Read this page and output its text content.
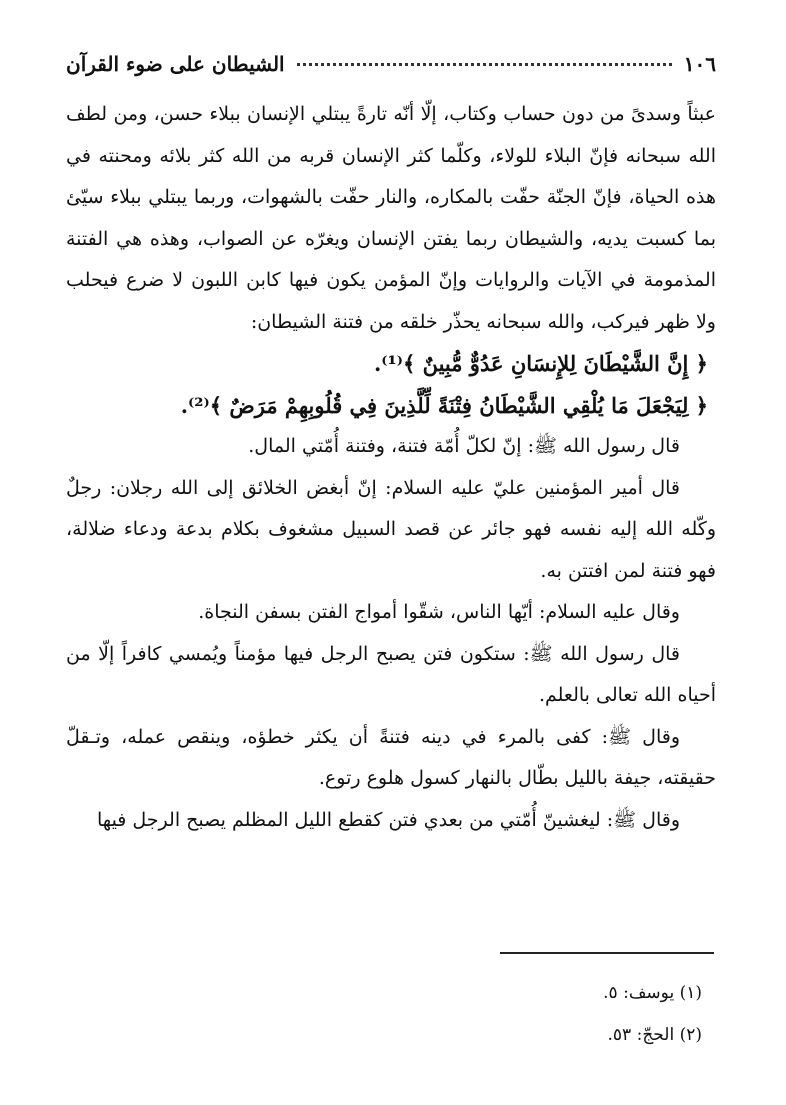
١٠٦
الشيطان على ضوء القرآن

عبثاً وسدىً من دون حساب وكتاب، إلّا أنّه تارةً يبتلي الإنسان ببلاء حسن، ومن لطف الله سبحانه فإنّ البلاء للولاء، وكلّما كثر الإنسان قربه من الله كثر بلائه ومحنته في هذه الحياة، فإنّ الجنّة حفّت بالمكاره، والنار حفّت بالشهوات، وربما يبتلي ببلاء سيّئ بما كسبت يديه، والشيطان ربما يفتن الإنسان ويغرّه عن الصواب، وهذه هي الفتنة المذمومة في الآيات والروايات وإنّ المؤمن يكون فيها كابن اللبون لا ضرع فيحلب ولا ظهر فيركب، والله سبحانه يحذّر خلقه من فتنة الشيطان:

﴿ إِنَّ الشَّيْطَانَ لِلإِنسَانِ عَدُوٌّ مُّبِينٌ ﴾⁽¹⁾.

﴿ لِيَجْعَلَ مَا يُلْقِي الشَّيْطَانُ فِتْنَةً لِّلَّذِينَ فِي قُلُوبِهِمْ مَرَضٌ ﴾⁽²⁾.

قال رسول الله ﷺ: إنّ لكلّ أُمّة فتنة، وفتنة أُمّتي المال.

قال أمير المؤمنين عليّ عليه السلام: إنّ أبغض الخلائق إلى الله رجلان: رجلٌ وكّله الله إليه نفسه فهو جائر عن قصد السبيل مشغوف بكلام بدعة ودعاء ضلالة، فهو فتنة لمن افتتن به.

وقال عليه السلام: أيّها الناس، شقّوا أمواج الفتن بسفن النجاة.

قال رسول الله ﷺ: ستكون فتن يصبح الرجل فيها مؤمناً ويُمسي كافراً إلّا من أحياه الله تعالى بالعلم.

وقال ﷺ: كفى بالمرء في دينه فتنةً أن يكثر خطؤه، وينقص عمله، وتـقلّ حقيقته، جيفة بالليل بطّال بالنهار كسول هلوع رتوع.

وقال ﷺ: ليغشينّ أُمّتي من بعدي فتن كقطع الليل المظلم يصبح الرجل فيها

(١) يوسف: ٥.
(٢) الحجّ: ٥٣.
